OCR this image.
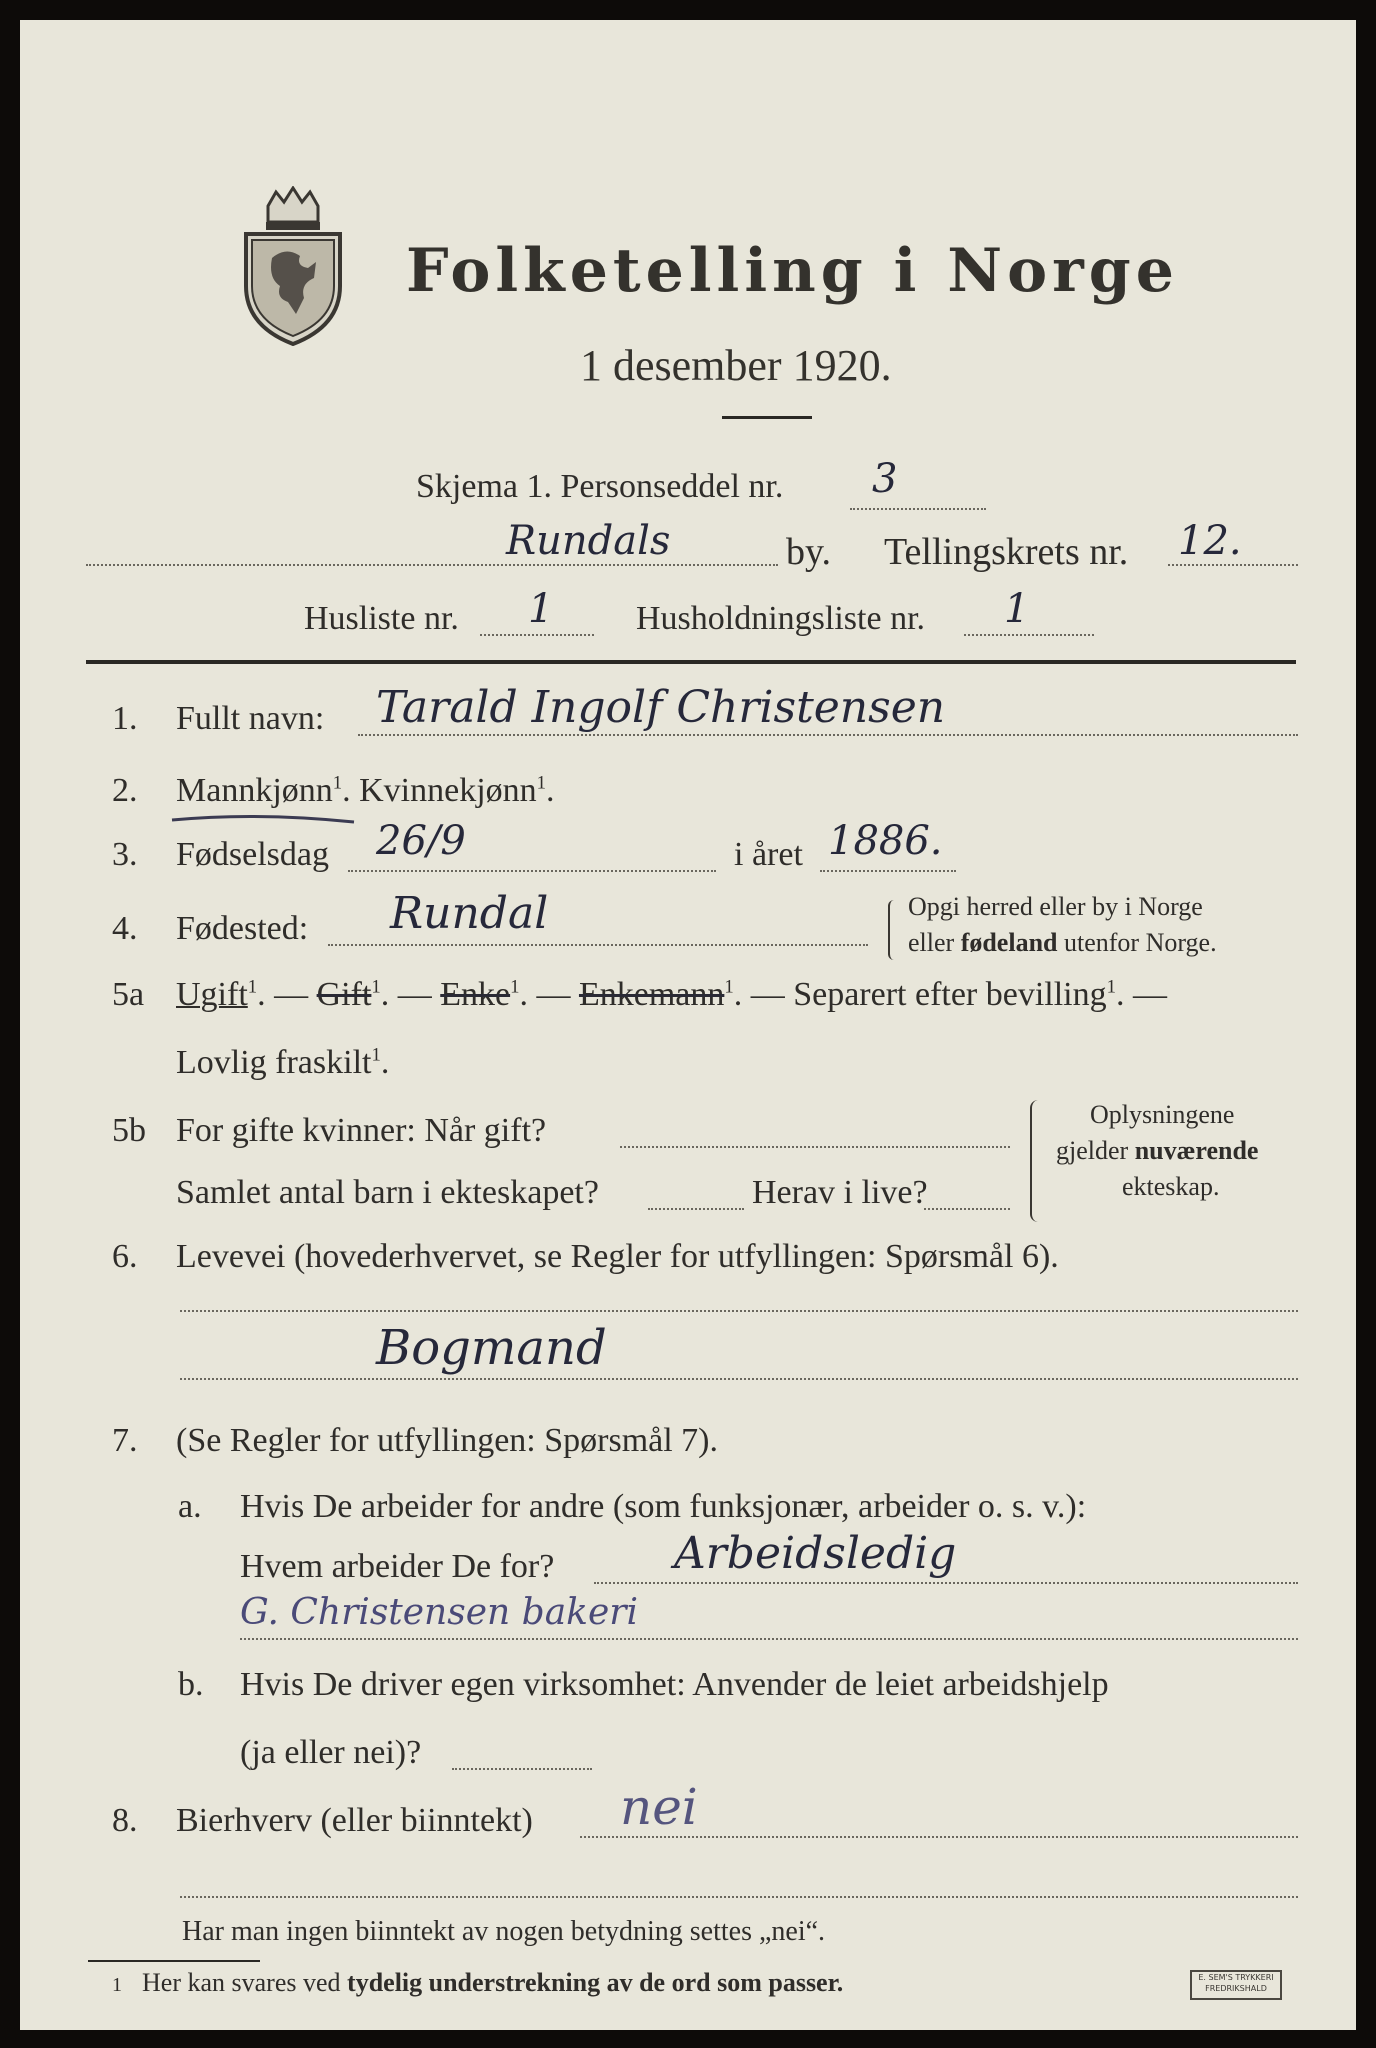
Folketelling i Norge
1 desember 1920.
Skjema 1. Personseddel nr. 3
Rundals	by. Tellingskrets nr. 12.
Husliste nr. 1 Husholdningsliste nr. 1
1. Fullt navn: Tarald Ingolf Christensen
2. Mannkjønn$^1$. Kvinnekjønn$^1$.
3. Fødselsdag 26/9	i året 1886.
4. Fødested: Rundal	Opgi herred eller by i Norge
eller fødeland utenfor Norge.
5a Ugift$^1$. — Gift$^1$. — Enke$^1$. — Enkemann$^1$. — Separert efter bevilling$^1$. —
Lovlig fraskilt$^1$.
5b For gifte kvinner: Når gift?
Samlet antal barn i ekteskapet?	Herav i live?
Oplysningene
gjelder nuværende
ekteskap.
6. Levevei (hovederhvervet, se Regler for utfyllingen: Spørsmål 6).
Bogmand
7. (Se Regler for utfyllingen: Spørsmål 7).
a. Hvis De arbeider for andre (som funksjonær, arbeider o. s. v.):
Hvem arbeider De for?	Arbeidsledig
G. Christensen bakeri
b. Hvis De driver egen virksomhet: Anvender de leiet arbeidshjelp
(ja eller nei)?
8. Bierhverv (eller biinntekt) nei
Har man ingen biinntekt av nogen betydning settes „nei“.
1 Her kan svares ved tydelig understrekning av de ord som passer.	E. SEM'S TRYKKERI
FREDRIKSHALD
